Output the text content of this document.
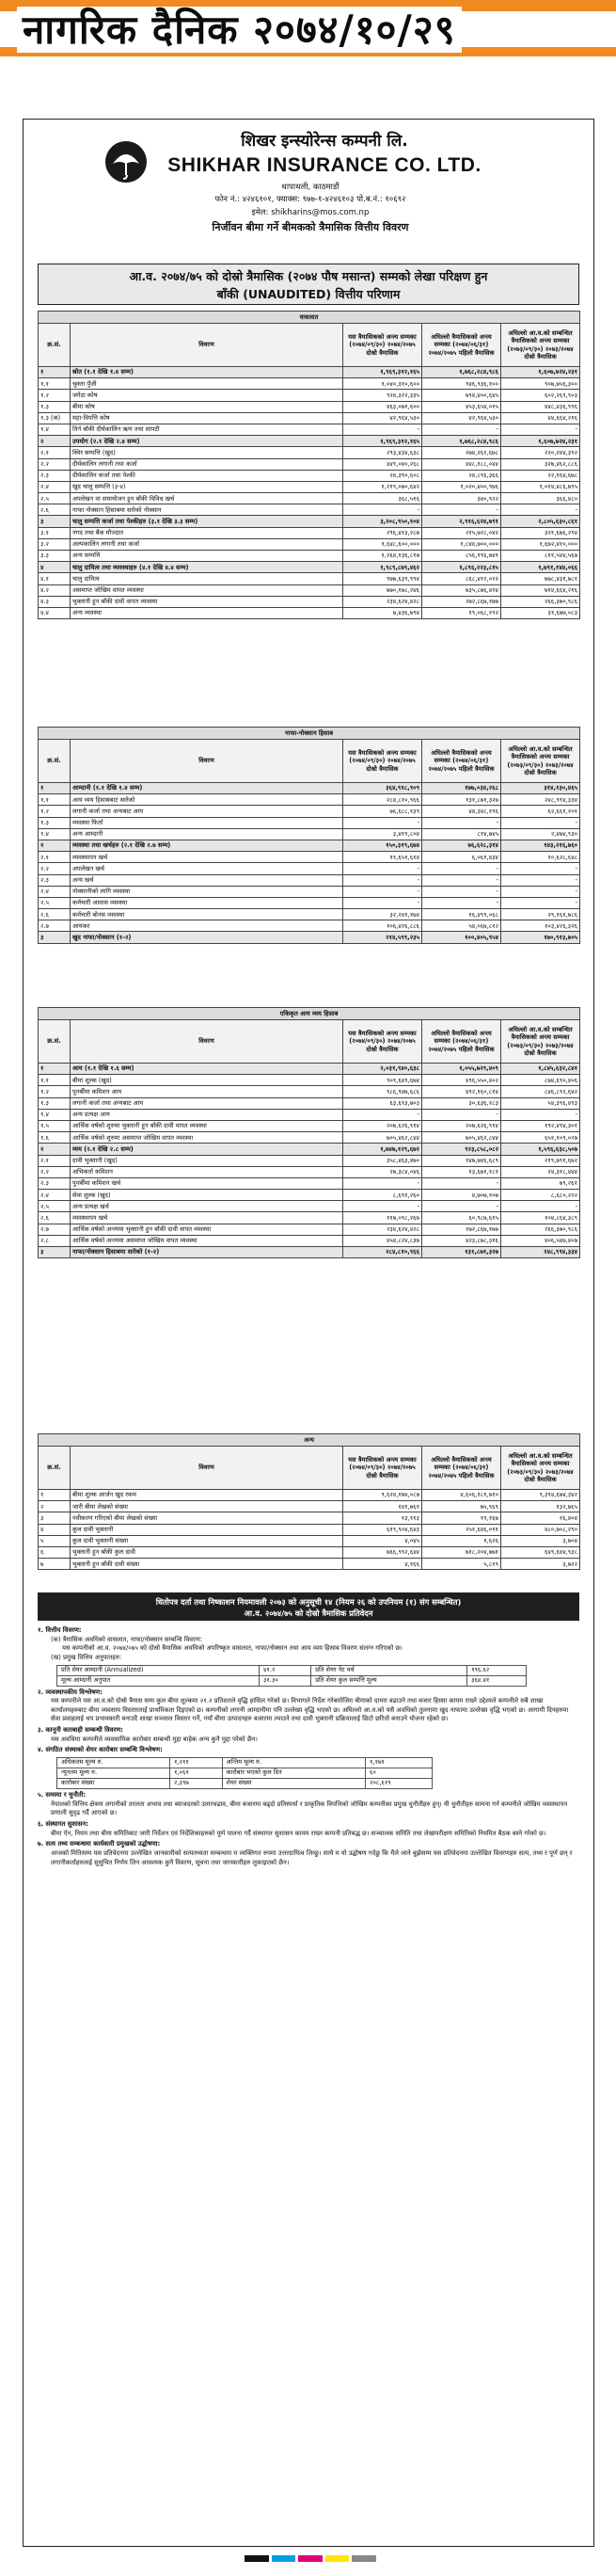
नागरिक दैनिक २०७४/१०/२९
शिखर इन्स्योरेन्स कम्पनी लि.
SHIKHAR INSURANCE CO. LTD.
थापाथली, काठमाडौं
फोन नं.: ४२४६१०१, फ्याक्स: ९७७-१-४२४६१०३ पो.ब.नं.: १०६९२
इमेल: shikharins@mos.com.np
निर्जीवन बीमा गर्ने बीमकको त्रैमासिक वित्तीय विवरण
आ.व. २०७४/७५ को दोस्रो त्रैमासिक (२०७४ पौष मसान्त) सम्मको लेखा परिक्षण हुन
बाँकी (UNAUDITED) वित्तीय परिणाम
वासलात				
क्र.सं.	विवरण	यस त्रैमासिकको अन्त्य सम्मका (२०७४/०९/३०) २०७४/२०७५ दोस्रो त्रैमासिक	अघिल्लो त्रैमासिकको अन्त्य सम्मका (२०७४/०६/३१) २०७४/२०७५ पहिलो त्रैमासिक	अघिल्लो आ.व.को सम्बन्धित त्रैमासिकको अन्त्य सम्मका (२०७३/०९/३०) २०७३/२०७४ दोस्रो त्रैमासिक
१	स्रोत (१.१ देखि १.४ सम्म)	१,९६९,३१२,१६५	१,७६८,२८४,९८६	१,६०७,७२४,२३१
१.१	चुक्ता पुँजी	१,०४०,३१०,६००	९४६,९३६,१००	९०७,७५६,३००
१.२	जगेडा कोष	९२४,३२२,३३५	७९४,४००,६४५	६०२,२६९,९०३
१.३	बीमा कोष	४६३,०७१,६००	४५३,६५४,०१५	४४८,४३६,९९६
१.३ (क)	महा-विपत्ति कोष	४२,९६४,५३०	४२,९६४,५३०	४४,६६४,२१६
१.४	तिर्न बाँकी दीर्घकालिन ऋण तथा सापटी	-	-	-
२	उपयोग (२.१ देखि २.४ सम्म)	१,९६९,३१२,१६५	१,७६८,२८४,९८६	१,६०७,७२४,२३१
२.१	स्थिर सम्पत्ति (खुद)	२९३,४३४,६३८	२७४,२६२,६७८	२२०,२४४,३९२
२.२	दीर्घकालिन लगानी तथा कर्जा	४४९,०४०,२६८	४४८,१८८,०४४	३२७,४६२,८८६
२.३	दीर्घकालिन कर्जा तथा पेश्की	२४,३९०,६०८	२४,८९६,३६६	२२,१६४,६७८
२.४	खुद चालु सम्पत्ति (३-४)	१,२१९,०७०,६४२	१,०२०,४००,९७६	१,०१४,४८६,७९५
२.५	अपलेखन वा समायोजन हुन बाँकी विविध खर्च	३६८,५१६	३४०,९२२	३६६,४८०
२.६	नाफा नोक्सान हिसाबमा सारेको नोक्सान	-	-	-
३	चालु सम्पत्ति कर्जा तथा पेश्कीहरु (३.१ देखि ३.३ सम्म)	३,२०८,९५०,१०४	२,९१६,६२४,७९१	२,८०५,६३०,८६१
३.१	नगद तथा बैंक मौज्दात	२९६,४१३,२८७	२१५,७२८,०४२	३२१,६७६,२९४
३.२	अल्पकालिन लगानी तथा कर्जा	१,६४८,६००,०००	१,८४४,७००,०००	१,६७२,४१०,०००
३.३	अन्य सम्पत्ति	१,२६४,१३६,८१७	८५६,१९६,७४९	८११,५४४,५६७
४	चालु दायित्व तथा व्यवस्थाहरु (४.१ देखि ४.४ सम्म)	१,९८९,८७९,४६२	१,८९६,२२३,८१५	१,७९१,१४४,०६६
४.१	चालु दायित्व	९७७,६३९,९९४	८६८,४१२,०२२	७७८,४३१,७८१
४.२	असमाप्त जोखिम वापत व्यवस्था	७७०,१७८,२४६	७३५,८७६,४२४	७१४,६६४,२१६
४.३	भुक्तानी हुन बाँकी दावी वापत व्यवस्था	२३४,६२४,४२८	२७२,८६७,१७७	२६६,३७०,९८६
४.४	अन्य व्यवस्था	७,४३६,७९४	१९,०६८,१९२	३१,६७७,०८३
नाफा-नोक्सान हिसाब				
क्र.सं.	विवरण	यस त्रैमासिकको अन्त्य सम्मका (२०७४/०९/३०) २०७४/२०७५ दोस्रो त्रैमासिक	अघिल्लो त्रैमासिकको अन्त्य सम्मका (२०७४/०६/३१) २०७४/२०७५ पहिलो त्रैमासिक	अघिल्लो आ.व.को सम्बन्धित त्रैमासिकको अन्त्य सम्मका (२०७३/०९/३०) २०७३/२०७४ दोस्रो त्रैमासिक
१	आम्दानी (१.१ देखि १.४ सम्म)	३६४,९१८,९०९	१७७,०३४,२६८	३१४,१३०,४६५
१.१	आय व्यय हिसाबबाट सारेको	२८४,८१०,९६६	१३१,८७१,३२७	२४८,९९४,३३४
१.२	लगानी कर्जा तथा अन्यबाट आय	७६,६८८,१३९	४४,३४८,१९६	६२,६६१,२०१
१.३	व्यवस्था फिर्ता	-	-	-
१.४	अन्य आम्दानी	३,४१९,८०४	८१४,७४५	२,४७४,९३०
२	व्यवस्था तथा खर्चहरु (२.१ देखि २.७ सम्म)	१५०,३१९,६७४	७६,६२८,३१४	१४३,२१६,७६०
२.१	व्यवस्थापन खर्च	११,६५१,६१४	६,०६१,४३४	१०,६२८,६४८
२.२	अपलेखन खर्च	-	-	-
२.३	अन्य खर्च	-	-	-
२.४	नोक्सानीको लागि व्यवस्था	-	-	-
२.५	कर्मचारी आवास व्यवस्था	-	-	-
२.६	कर्मचारी बोनस व्यवस्था	३२,२४१,१७४	१६,४९९,०६८	२९,१६१,७८६
२.७	आयकर	१०६,४२६,८८६	५४,०६७,८१२	१०३,४२६,३२६
३	खुद नाफा/नोक्सान (१-२)	२१४,५९९,२३५	१००,४०५,९५४	१७०,९१३,७०५
एकिकृत आय व्यय हिसाब				
क्र.सं.	विवरण	यस त्रैमासिकको अन्त्य सम्मका (२०७४/०९/३०) २०७४/२०७५ दोस्रो त्रैमासिक	अघिल्लो त्रैमासिकको अन्त्य सम्मका (२०७४/०६/३१) २०७४/२०७५ पहिलो त्रैमासिक	अघिल्लो आ.व.को सम्बन्धित त्रैमासिकको अन्त्य सम्मका (२०७३/०९/३०) २०७३/२०७४ दोस्रो त्रैमासिक
१	आय (१.१ देखि १.६ सम्म)	२,०३१,९४०,६३८	१,०५५,७२९,४०९	१,८४५,६३२,८४१
१.१	बीमा शुल्क (खुद)	९०९,६४९,६७४	४९६,५५०,४०२	८७४,६९०,४०६
१.२	पुनर्बीमा कमिशन आय	९८६,९४७,६८६	४९२,१६०,८१४	८४६,८९२,६४२
१.३	लगानी कर्जा तथा अन्यबाट आय	६३,६९३,७०३	३०,६३६,१८३	५४,३९६,४९३
१.४	अन्य प्रत्यक्ष आय	-	-	-
१.५	आर्थिक वर्षको शुरुमा भुक्तानी हुन बाँकी दावी वापत व्यवस्था	२०७,६२६,९१४	२०७,६२६,९१४	१९२,४९४,३०१
१.६	आर्थिक वर्षको शुरुमा असमाप्त जोखिम वापत व्यवस्था	७०५,४६२,८४४	७०५,४६२,८४४	६५१,१०९,०२७
२	व्यय (२.१ देखि २.८ सम्म)	१,७४७,१२९,६७२	९२३,८५८,०८२	१,५९६,६३८,५०७
२.१	दावी भुक्तानी (खुद)	३५८,४६३,४७०	१४७,७४६,६८९	२१९,७९१,६७२
२.२	अभिकर्ता कमिशन	२७,३८४,०४६	१३,६७१,१८१	२४,३१८,४४४
२.३	पुनर्बीमा कमिशन खर्च	-	-	७९,२६१
२.४	सेवा शुल्क (खुद)	८,६९१,२६०	४,७०७,१०७	८,६८०,२२२
२.५	अन्य प्रत्यक्ष खर्च	-	-	-
२.६	व्यवस्थापन खर्च	११७,०९८,२६७	६०,९८७,६१५	१०४,८६४,३८९
२.७	आर्थिक वर्षको अन्त्यमा भुक्तानी हुन बाँकी दावी वापत व्यवस्था	२३४,६२४,४२८	२७२,८६७,१७७	२६६,३७०,९८६
२.८	आर्थिक वर्षको अन्त्यमा असमाप्त जोखिम वापत व्यवस्था	४५४,८२४,८३७	४२३,८७८,३१६	४०६,५४७,४०७
३	नाफा/नोक्सान हिसाबमा सारेको (१-२)	२८४,८१०,९६६	१३१,८७१,३२७	२४८,९९४,३३४
अन्य				
क्र.सं.	विवरण	यस त्रैमासिकको अन्त्य सम्मका (२०७४/०९/३०) २०७४/२०७५ दोस्रो त्रैमासिक	अघिल्लो त्रैमासिकको अन्त्य सम्मका (२०७४/०६/३१) २०७४/२०७५ पहिलो त्रैमासिक	अघिल्लो आ.व.को सम्बन्धित त्रैमासिकको अन्त्य सम्मका (२०७३/०९/३०) २०७३/२०७४ दोस्रो त्रैमासिक
१	बीमा शुल्क आर्जन खुद रकम	९,६२४,१७४,०८७	४,६०६,१८१,७१०	९,३९४,६७४,३४२
२	जारी बीमा लेखको संख्या	१४१,७६१	७५,९६९	१३२,७६५
३	नवीकरण गरिएको बीमा लेखको संख्या	१३,११३	१९,१६७	१६,४०४
४	कुल दावी भुक्तानी	६१९,९०४,६४३	२५१,६४६,०९१	४८०,७०८,२९०
५	कुल दावी भुक्तानी संख्या	४,०४५	१,६२६	३,७०४
६	भुक्तानी हुन बाँकी कुल दावी	७६६,९९२,६४४	७१८,२०४,७७१	६४९,६४४,९३८
७	भुक्तानी हुन बाँकी दावी संख्या	४,१६६	५,८१९	३,७२२
धितोपत्र दर्ता तथा निष्काशन नियमावली २०७३ को अनुसूची १४ (नियम २६ को उपनियम (१) संग सम्बन्धित)
आ.व. २०७४/७५ को दोस्रो त्रैमासिक प्रतिवेदन
१. वित्तीय विवरण:
(क) त्रैमासिक अवधिको वासलात, नाफा/नोक्सान सम्बन्धि विवरण:
यस कम्पनीको आ.व. २०७४/०७५ को दोस्रो त्रैमासिक अवधिको अपरिष्कृत वासलात, नाफा/नोक्सान तथा आय व्यय हिसाब विवरण संलग्न गरिएको छ।
(ख) प्रमुख वित्तिय अनुपातहरु:
प्रति शेयर आम्दानी (Annualized)	४१.२	प्रति शेयर नेट वर्थ	१९६.६२
मूल्य आम्दानी अनुपात	३१.३०	प्रति शेयर कुल सम्पत्ति मूल्य	३६४.४१
२. व्यवस्थापकीय विश्लेषण:
यस कम्पनीले यस आ.व.को दोस्रो त्रैमास सम्म कुल बीमा शुल्कमा २१.२ प्रतिशतले वृद्धि हासिल गरेको छ। विभागले निर्देश गरेबमोजिम बीमाको दायरा बढाउने तथा बजार हिस्सा कायम राख्ने उद्देश्यले कम्पनीले सबै शाखा कार्यालयहरुबाट बीमा व्यवसाय विस्तारलाई प्राथमिकता दिइएको छ। कम्पनीको लगानी आम्दानीमा पनि उल्लेख्य वृद्धि भएको छ। अघिल्लो आ.व.को यसै अवधिको तुलनामा खुद नाफामा उल्लेख्य वृद्धि भएको छ। आगामी दिनहरुमा सेवा प्रवाहलाई थप प्रभावकारी बनाउदै शाखा सञ्जाल विस्तार गर्ने, नयाँ बीमा उत्पादनहरु बजारमा ल्याउने तथा दावी भुक्तानी प्रक्रियालाई छिटो छरितो बनाउने योजना रहेको छ।
३. कानूनी कारबाही सम्बन्धी विवरण:
यस अवधिमा कम्पनीले व्यवसायिक कारोबार सम्बन्धी मुद्दा बाहेक अन्य कुनै मुद्दा परेको छैन।
४. संगठित संस्थाको शेयर कारोबार सम्बन्धि विश्लेषण:
अधिकतम मूल्य रु.	१,२११	अन्तिम मूल्य रु.	१,१७१
न्यूनतम मूल्य रु.	१,०६१	कारोबार भएको कुल दिन	६०
कारोबार संख्या	२,३९७	शेयर संख्या	२०८,६१९
५. समस्या र चुनौती:
नेपालको वित्तिय क्षेत्रमा लगानीको तरलता अभाव तथा ब्याजदरको उतारचढाव, बीमा बजारमा बढ्दो प्रतिस्पर्धा र प्राकृतिक विपत्तिको जोखिम कम्पनीका प्रमुख चुनौतीहरु हुन्। यी चुनौतीहरु सामना गर्न कम्पनीले जोखिम व्यवस्थापन प्रणाली सुदृढ गर्दै आएको छ।
६. संस्थागत सुशासन:
बीमा ऐन, नियम तथा बीमा समितिबाट जारी निर्देशन एवं निर्देशिकाहरुको पूर्ण पालना गर्दै संस्थागत सुशासन कायम राख्न कम्पनी प्रतिबद्ध छ। सञ्चालक समिति तथा लेखापरीक्षण समितिको नियमित बैठक बस्ने गरेको छ।
७. सत्य तथ्य सम्बन्धमा कार्यकारी प्रमुखको उद्घोषणा:
आजको मितिसम्म यस प्रतिवेदनमा उल्लेखित जानकारीको सत्यतथ्यता सम्बन्धमा म व्यक्तिगत रुपमा उत्तरदायित्व लिन्छु। साथै म यो उद्घोषण गर्दछु कि मैले जाने बुझेसम्म यस प्रतिवेदनमा उल्लेखित विवरणहरु सत्य, तथ्य र पूर्ण छन् र लगानीकर्ताहरुलाई सुसुचित निर्णय लिन आवश्यक कुनै विवरण, सूचना तथा जानकारीहरु लुकाइएको छैन।
